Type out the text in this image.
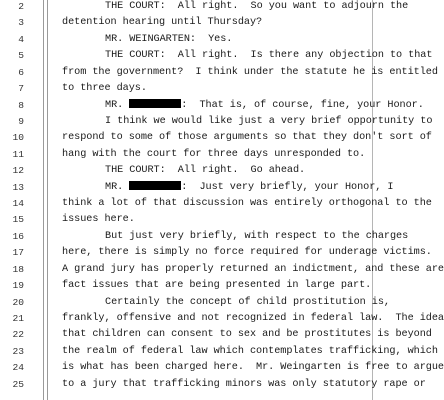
2	THE COURT:  All right.  So you want to adjourn the
3	detention hearing until Thursday?
4	MR. WEINGARTEN:  Yes.
5	THE COURT:  All right.  Is there any objection to that
6	from the government?  I think under the statute he is entitled
7	to three days.
8	MR.	:  That is, of course, fine, your Honor.
9	I think we would like just a very brief opportunity to
10	respond to some of those arguments so that they don't sort of
11	hang with the court for three days unresponded to.
12	THE COURT:  All right.  Go ahead.
13	MR.	:  Just very briefly, your Honor, I
14	think a lot of that discussion was entirely orthogonal to the
15	issues here.
16	But just very briefly, with respect to the charges
17	here, there is simply no force required for underage victims.
18	A grand jury has properly returned an indictment, and these are
19	fact issues that are being presented in large part.
20	Certainly the concept of child prostitution is,
21	frankly, offensive and not recognized in federal law.  The idea
22	that children can consent to sex and be prostitutes is beyond
23	the realm of federal law which contemplates trafficking, which
24	is what has been charged here.  Mr. Weingarten is free to argue
25	to a jury that trafficking minors was only statutory rape or
